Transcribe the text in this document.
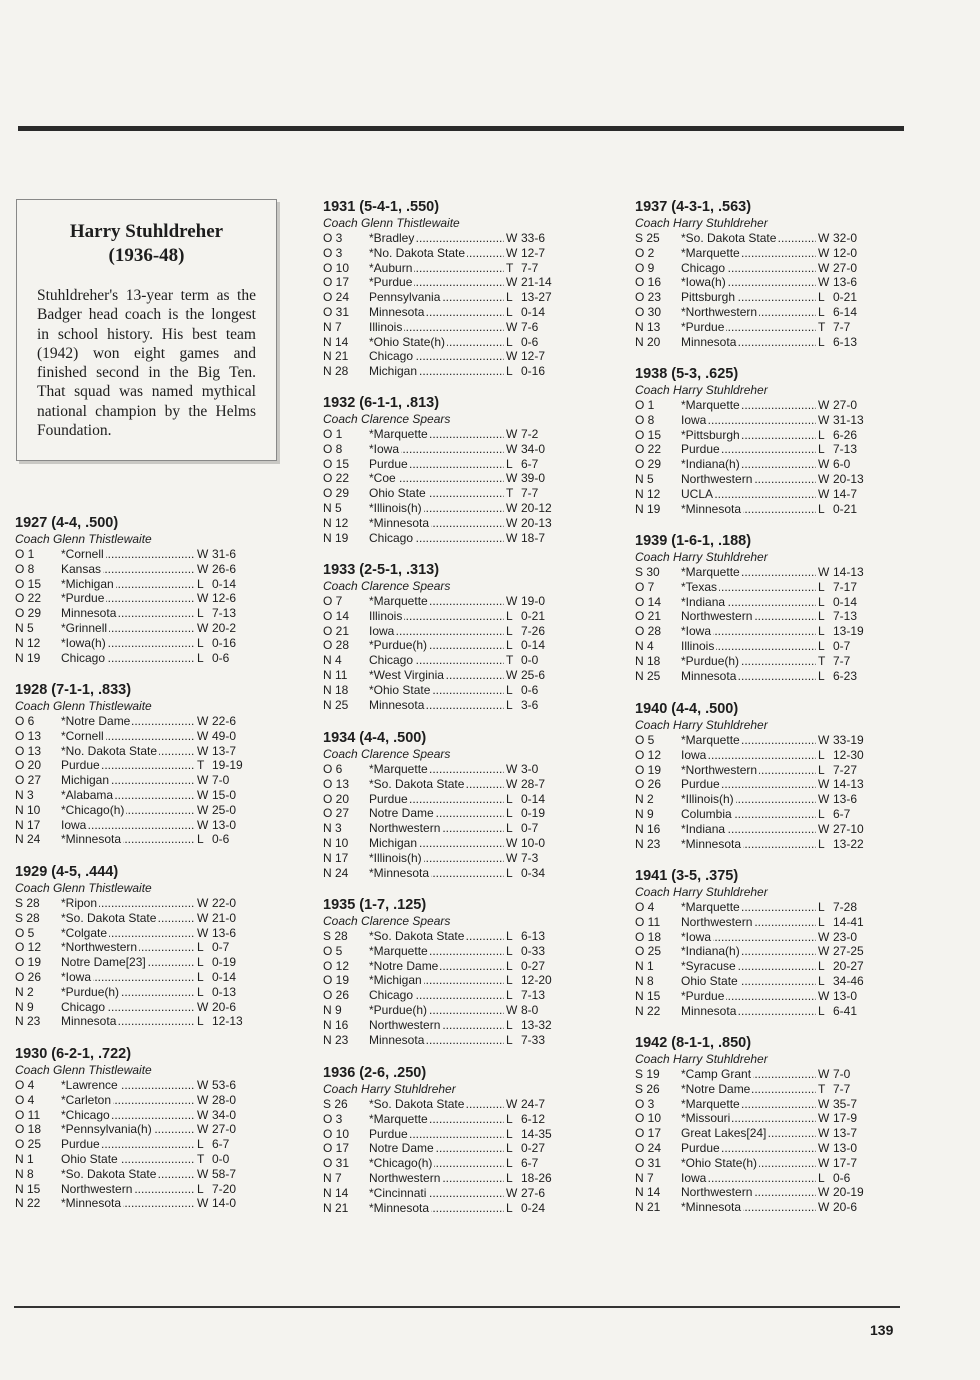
Harry Stuhldreher

(1936-48)

Stuhldreher's 13-year term as the Badger head coach is the longest in school history. His best team (1942) won eight games and finished second in the Big Ten. That squad was named mythical national champion by the Helms Foundation.

1927 (4-4, .500)

Coach Glenn Thistlewaite

O 1	*Cornell .....	W 31-6
O 8	Kansas .....	W 26-6
O 15	*Michigan .....	L 0-14
O 22	*Purdue .....	W 12-6
O 29	Minnesota .....	L 7-13
N 5	*Grinnell .....	W 20-2
N 12	*Iowa(h) .....	L 0-16
N 19	Chicago .....	L 0-6

1928 (7-1-1, .833)

Coach Glenn Thistlewaite

O 6	*Notre Dame .....	W 22-6
O 13	*Cornell .....	W 49-0
O 13	*No. Dakota State .....	W 13-7
O 20	Purdue .....	T 19-19
O 27	Michigan .....	W 7-0
N 3	*Alabama .....	W 15-0
N 10	*Chicago(h) .....	W 25-0
N 17	Iowa .....	W 13-0
N 24	*Minnesota .....	L 0-6

1929 (4-5, .444)

Coach Glenn Thistlewaite

S 28	*Ripon .....	W 22-0
S 28	*So. Dakota State .....	W 21-0
O 5	*Colgate .....	W 13-6
O 12	*Northwestern .....	L 0-7
O 19	Notre Dame[23] .....	L 0-19
O 26	*Iowa .....	L 0-14
N 2	*Purdue(h) .....	L 0-13
N 9	Chicago .....	W 20-6
N 23	Minnesota .....	L 12-13

1930 (6-2-1, .722)

Coach Glenn Thistlewaite

O 4	*Lawrence .....	W 53-6
O 4	*Carleton .....	W 28-0
O 11	*Chicago .....	W 34-0
O 18	*Pennsylvania(h) .....	W 27-0
O 25	Purdue .....	L 6-7
N 1	Ohio State .....	T 0-0
N 8	*So. Dakota State .....	W 58-7
N 15	Northwestern .....	L 7-20
N 22	*Minnesota .....	W 14-0

1931 (5-4-1, .550)

Coach Glenn Thistlewaite

O 3	*Bradley .....	W 33-6
O 3	*No. Dakota State .....	W 12-7
O 10	*Auburn .....	T 7-7
O 17	*Purdue .....	W 21-14
O 24	Pennsylvania .....	L 13-27
O 31	Minnesota .....	L 0-14
N 7	Illinois .....	W 7-6
N 14	*Ohio State(h) .....	L 0-6
N 21	Chicago .....	W 12-7
N 28	Michigan .....	L 0-16

1932 (6-1-1, .813)

Coach Clarence Spears

O 1	*Marquette .....	W 7-2
O 8	*Iowa .....	W 34-0
O 15	Purdue .....	L 6-7
O 22	*Coe .....	W 39-0
O 29	Ohio State .....	T 7-7
N 5	*Illinois(h) .....	W 20-12
N 12	*Minnesota .....	W 20-13
N 19	Chicago .....	W 18-7

1933 (2-5-1, .313)

Coach Clarence Spears

O 7	*Marquette .....	W 19-0
O 14	Illinois .....	L 0-21
O 21	Iowa .....	L 7-26
O 28	*Purdue(h) .....	L 0-14
N 4	Chicago .....	T 0-0
N 11	*West Virginia .....	W 25-6
N 18	*Ohio State .....	L 0-6
N 25	Minnesota .....	L 3-6

1934 (4-4, .500)

Coach Clarence Spears

O 6	*Marquette .....	W 3-0
O 13	*So. Dakota State .....	W 28-7
O 20	Purdue .....	L 0-14
O 27	Notre Dame .....	L 0-19
N 3	Northwestern .....	L 0-7
N 10	Michigan .....	W 10-0
N 17	*Illinois(h) .....	W 7-3
N 24	*Minnesota .....	L 0-34

1935 (1-7, .125)

Coach Clarence Spears

S 28	*So. Dakota State .....	L 6-13
O 5	*Marquette .....	L 0-33
O 12	*Notre Dame .....	L 0-27
O 19	*Michigan .....	L 12-20
O 26	Chicago .....	L 7-13
N 9	*Purdue(h) .....	W 8-0
N 16	Northwestern .....	L 13-32
N 23	Minnesota .....	L 7-33

1936 (2-6, .250)

Coach Harry Stuhldreher

S 26	*So. Dakota State .....	W 24-7
O 3	*Marquette .....	L 6-12
O 10	Purdue .....	L 14-35
O 17	Notre Dame .....	L 0-27
O 31	*Chicago(h) .....	L 6-7
N 7	Northwestern .....	L 18-26
N 14	*Cincinnati .....	W 27-6
N 21	*Minnesota .....	L 0-24

1937 (4-3-1, .563)

Coach Harry Stuhldreher

S 25	*So. Dakota State .....	W 32-0
O 2	*Marquette .....	W 12-0
O 9	Chicago .....	W 27-0
O 16	*Iowa(h) .....	W 13-6
O 23	Pittsburgh .....	L 0-21
O 30	*Northwestern .....	L 6-14
N 13	*Purdue .....	T 7-7
N 20	Minnesota .....	L 6-13

1938 (5-3, .625)

Coach Harry Stuhldreher

O 1	*Marquette .....	W 27-0
O 8	Iowa .....	W 31-13
O 15	*Pittsburgh .....	L 6-26
O 22	Purdue .....	L 7-13
O 29	*Indiana(h) .....	W 6-0
N 5	Northwestern .....	W 20-13
N 12	UCLA .....	W 14-7
N 19	*Minnesota .....	L 0-21

1939 (1-6-1, .188)

Coach Harry Stuhldreher

S 30	*Marquette .....	W 14-13
O 7	*Texas .....	L 7-17
O 14	*Indiana .....	L 0-14
O 21	Northwestern .....	L 7-13
O 28	*Iowa .....	L 13-19
N 4	Illinois .....	L 0-7
N 18	*Purdue(h) .....	T 7-7
N 25	Minnesota .....	L 6-23

1940 (4-4, .500)

Coach Harry Stuhldreher

O 5	*Marquette .....	W 33-19
O 12	Iowa .....	L 12-30
O 19	*Northwestern .....	L 7-27
O 26	Purdue .....	W 14-13
N 2	*Illinois(h) .....	W 13-6
N 9	Columbia .....	L 6-7
N 16	*Indiana .....	W 27-10
N 23	*Minnesota .....	L 13-22

1941 (3-5, .375)

Coach Harry Stuhldreher

O 4	*Marquette .....	L 7-28
O 11	Northwestern .....	L 14-41
O 18	*Iowa .....	W 23-0
O 25	*Indiana(h) .....	W 27-25
N 1	*Syracuse .....	L 20-27
N 8	Ohio State .....	L 34-46
N 15	*Purdue .....	W 13-0
N 22	Minnesota .....	L 6-41

1942 (8-1-1, .850)

Coach Harry Stuhldreher

S 19	*Camp Grant .....	W 7-0
S 26	*Notre Dame .....	T 7-7
O 3	*Marquette .....	W 35-7
O 10	*Missouri .....	W 17-9
O 17	Great Lakes[24] .....	W 13-7
O 24	Purdue .....	W 13-0
O 31	*Ohio State(h) .....	W 17-7
N 7	Iowa .....	L 0-6
N 14	Northwestern .....	W 20-19
N 21	*Minnesota .....	W 20-6
139
